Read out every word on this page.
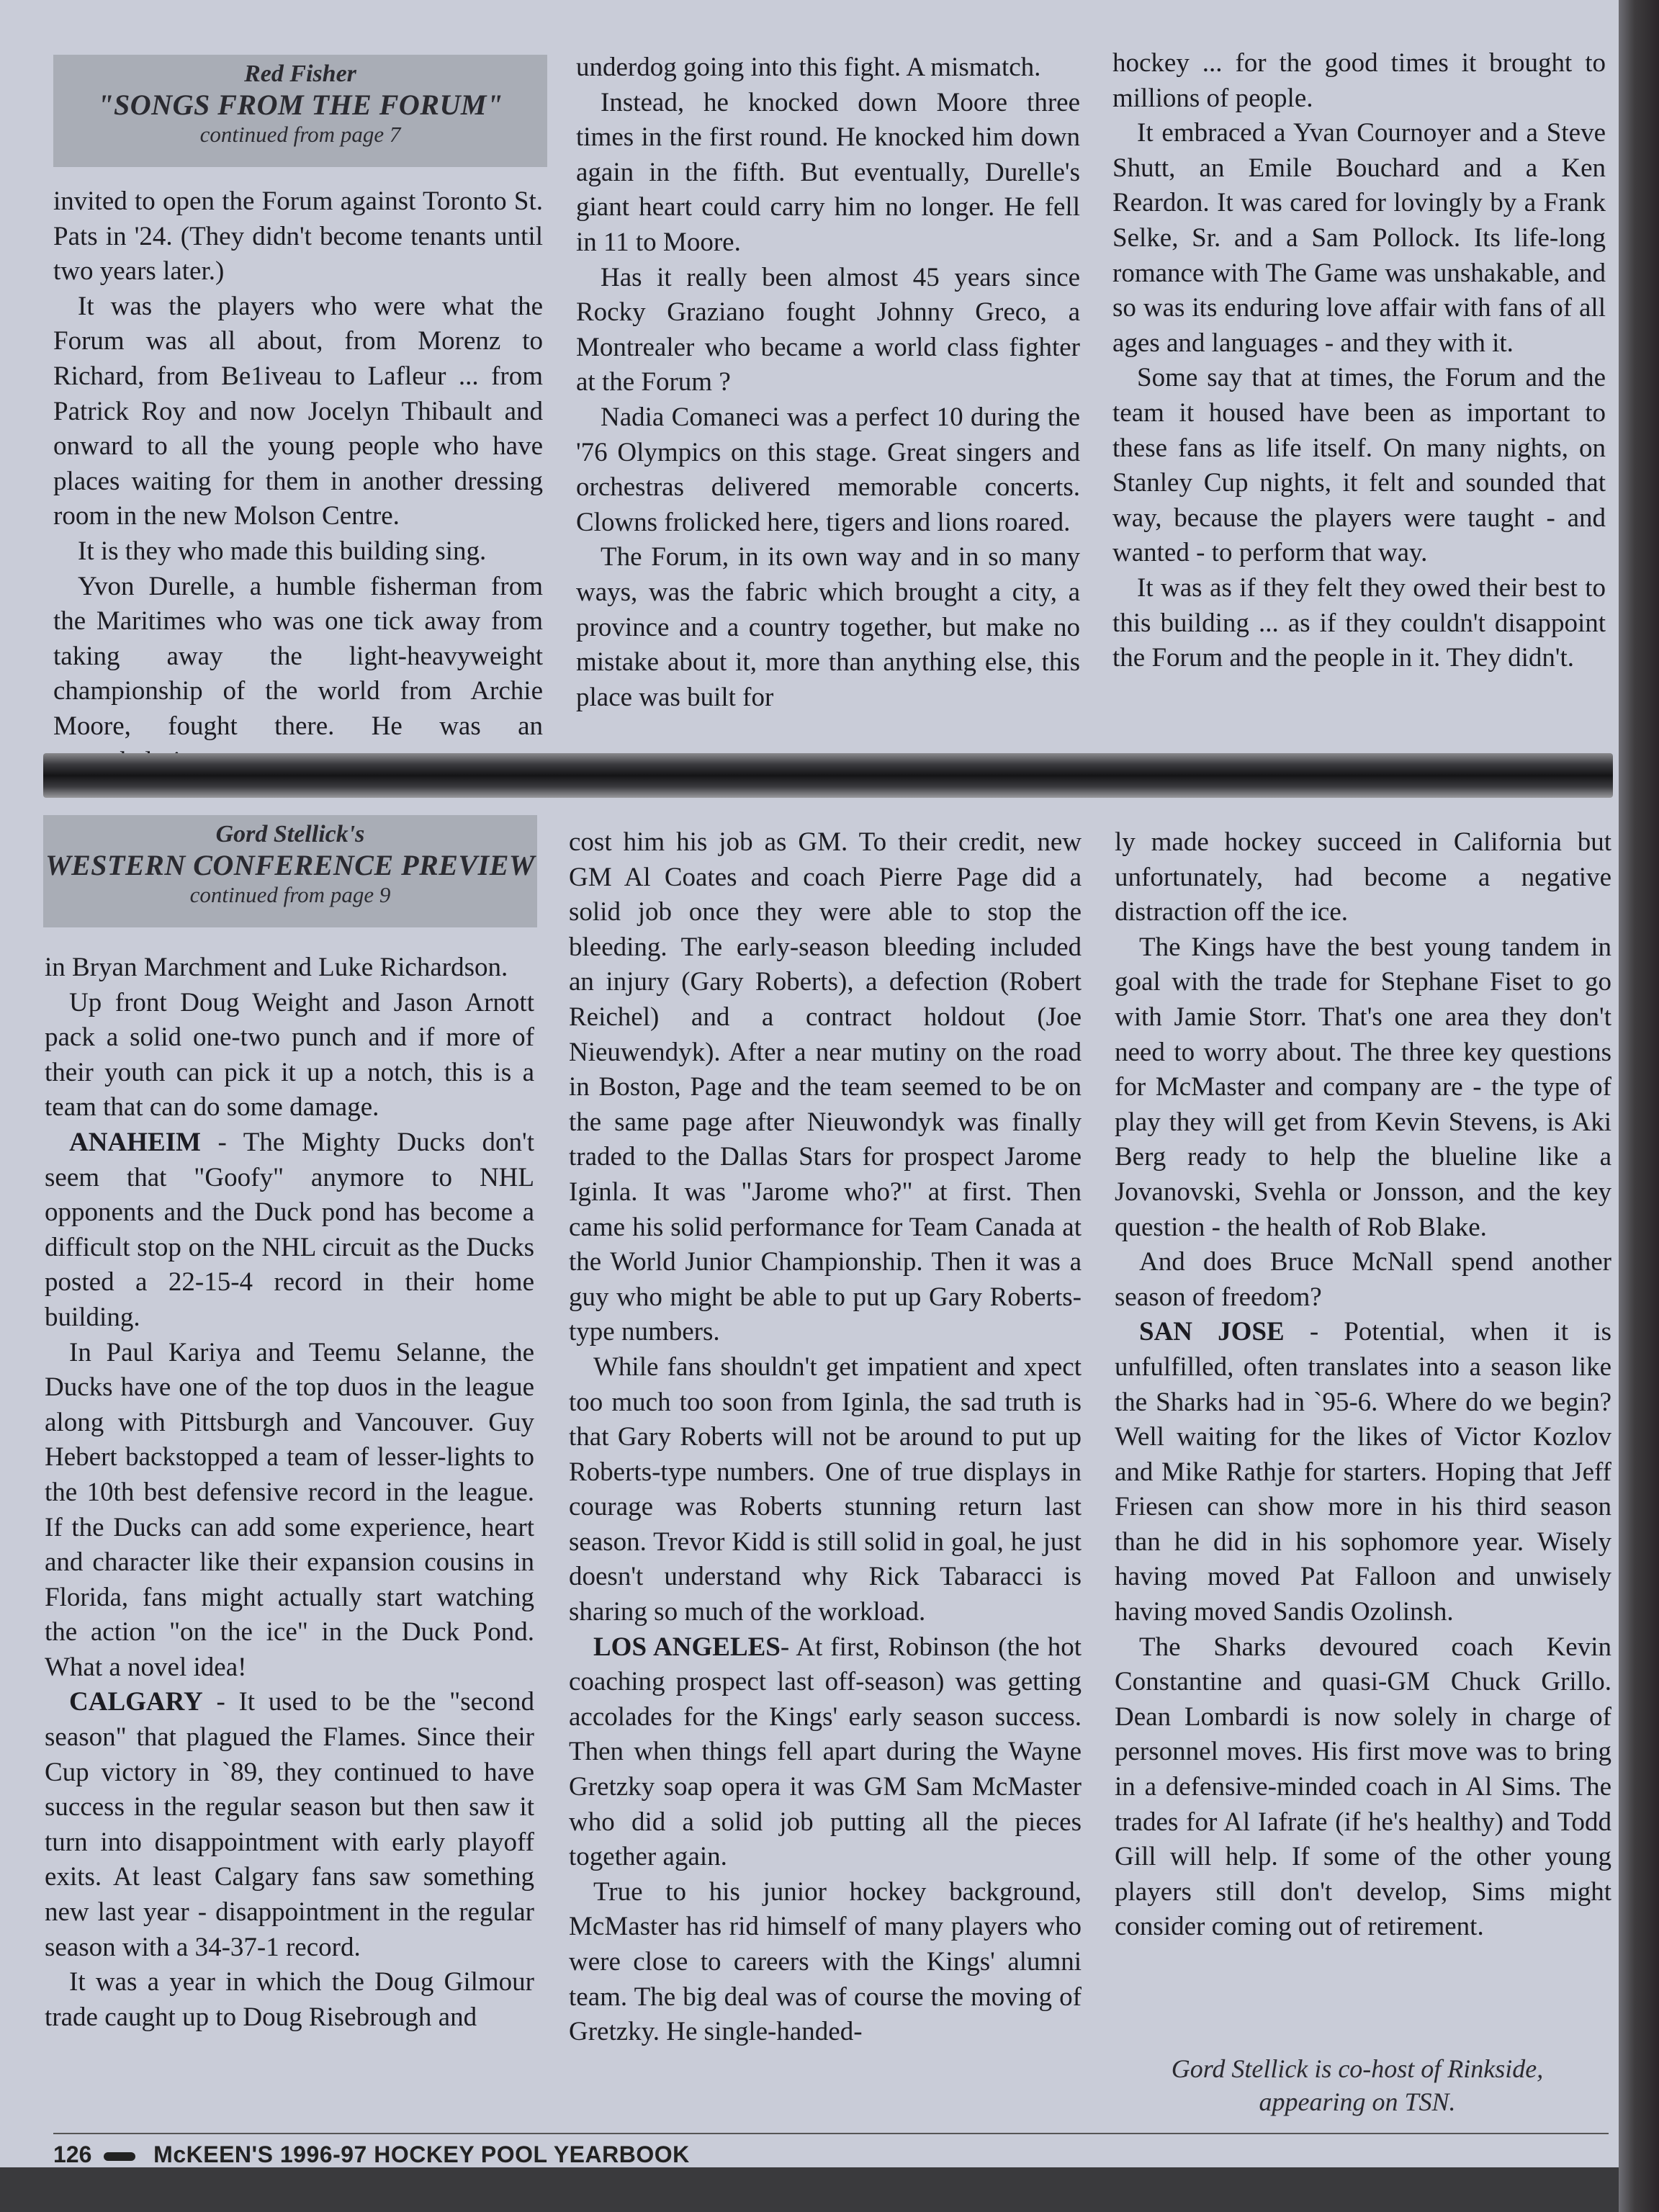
Red Fisher
"SONGS FROM THE FORUM"
continued from page 7

invited to open the Forum against Toronto St. Pats in '24. (They didn't become tenants until two years later.)

It was the players who were what the Forum was all about, from Morenz to Richard, from Be1iveau to Lafleur ... from Patrick Roy and now Jocelyn Thibault and onward to all the young people who have places waiting for them in another dressing room in the new Molson Centre.

It is they who made this building sing.

Yvon Durelle, a humble fisherman from the Maritimes who was one tick away from taking away the light-heavyweight championship of the world from Archie Moore, fought there. He was an

underdog going into this fight. A mismatch.

Instead, he knocked down Moore three times in the first round. He knocked him down again in the fifth. But eventually, Durelle's giant heart could carry him no longer. He fell in 11 to Moore.

Has it really been almost 45 years since Rocky Graziano fought Johnny Greco, a Montrealer who became a world class fighter at the Forum ?

Nadia Comaneci was a perfect 10 during the '76 Olympics on this stage. Great singers and orchestras delivered memorable concerts. Clowns frolicked here, tigers and lions roared.

The Forum, in its own way and in so many ways, was the fabric which brought a city, a province and a country together, but make no mistake about it, more than anything else, this place was built for

hockey ... for the good times it brought to millions of people.

It embraced a Yvan Cournoyer and a Steve Shutt, an Emile Bouchard and a Ken Reardon. It was cared for lovingly by a Frank Selke, Sr. and a Sam Pollock. Its life-long romance with The Game was unshakable, and so was its enduring love affair with fans of all ages and languages - and they with it.

Some say that at times, the Forum and the team it housed have been as important to these fans as life itself. On many nights, on Stanley Cup nights, it felt and sounded that way, because the players were taught - and wanted - to perform that way.

It was as if they felt they owed their best to this building ... as if they couldn't disappoint the Forum and the people in it. They didn't.

Gord Stellick's
WESTERN CONFERENCE PREVIEW
continued from page 9

in Bryan Marchment and Luke Richardson.

Up front Doug Weight and Jason Arnott pack a solid one-two punch and if more of their youth can pick it up a notch, this is a team that can do some damage.

ANAHEIM - The Mighty Ducks don't seem that "Goofy" anymore to NHL opponents and the Duck pond has become a difficult stop on the NHL circuit as the Ducks posted a 22-15-4 record in their home building.

In Paul Kariya and Teemu Selanne, the Ducks have one of the top duos in the league along with Pittsburgh and Vancouver. Guy Hebert backstopped a team of lesser-lights to the 10th best defensive record in the league. If the Ducks can add some experience, heart and character like their expansion cousins in Florida, fans might actually start watching the action "on the ice" in the Duck Pond. What a novel idea!

CALGARY - It used to be the "second season" that plagued the Flames. Since their Cup victory in `89, they continued to have success in the regular season but then saw it turn into disappointment with early playoff exits. At least Calgary fans saw something new last year - disappointment in the regular season with a 34-37-1 record.

It was a year in which the Doug Gilmour trade caught up to Doug Risebrough and

cost him his job as GM. To their credit, new GM Al Coates and coach Pierre Page did a solid job once they were able to stop the bleeding. The early-season bleeding included an injury (Gary Roberts), a defection (Robert Reichel) and a contract holdout (Joe Nieuwendyk). After a near mutiny on the road in Boston, Page and the team seemed to be on the same page after Nieuwondyk was finally traded to the Dallas Stars for prospect Jarome Iginla. It was "Jarome who?" at first. Then came his solid performance for Team Canada at the World Junior Championship. Then it was a guy who might be able to put up Gary Roberts-type numbers.

While fans shouldn't get impatient and xpect too much too soon from Iginla, the sad truth is that Gary Roberts will not be around to put up Roberts-type numbers. One of true displays in courage was Roberts stunning return last season. Trevor Kidd is still solid in goal, he just doesn't understand why Rick Tabaracci is sharing so much of the workload.

LOS ANGELES- At first, Robinson (the hot coaching prospect last off-season) was getting accolades for the Kings' early season success. Then when things fell apart during the Wayne Gretzky soap opera it was GM Sam McMaster who did a solid job putting all the pieces together again.

True to his junior hockey background, McMaster has rid himself of many players who were close to careers with the Kings' alumni team. The big deal was of course the moving of Gretzky. He single-handed-

ly made hockey succeed in California but unfortunately, had become a negative distraction off the ice.

The Kings have the best young tandem in goal with the trade for Stephane Fiset to go with Jamie Storr. That's one area they don't need to worry about. The three key questions for McMaster and company are - the type of play they will get from Kevin Stevens, is Aki Berg ready to help the blueline like a Jovanovski, Svehla or Jonsson, and the key question - the health of Rob Blake.

And does Bruce McNall spend another season of freedom?

SAN JOSE - Potential, when it is unfulfilled, often translates into a season like the Sharks had in `95-6. Where do we begin? Well waiting for the likes of Victor Kozlov and Mike Rathje for starters. Hoping that Jeff Friesen can show more in his third season than he did in his sophomore year. Wisely having moved Pat Falloon and unwisely having moved Sandis Ozolinsh.

The Sharks devoured coach Kevin Constantine and quasi-GM Chuck Grillo. Dean Lombardi is now solely in charge of personnel moves. His first move was to bring in a defensive-minded coach in Al Sims. The trades for Al Iafrate (if he's healthy) and Todd Gill will help. If some of the other young players still don't develop, Sims might consider coming out of retirement.

Gord Stellick is co-host of Rinkside,
appearing on TSN.
126	McKEEN'S 1996-97 HOCKEY POOL YEARBOOK
